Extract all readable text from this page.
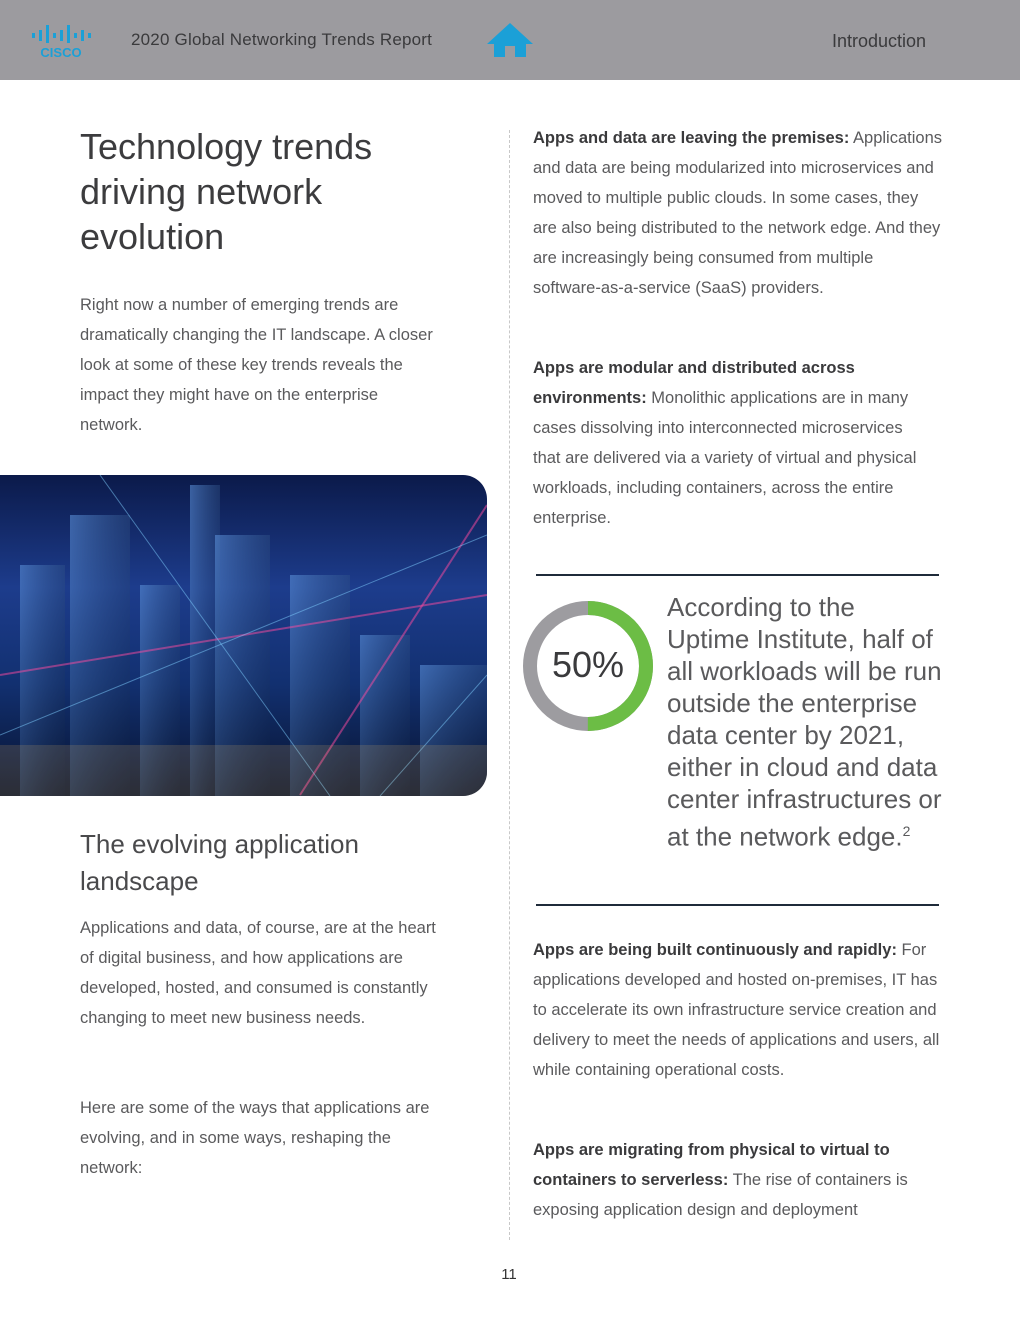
CISCO
2020 Global Networking Trends Report	Introduction
Technology trends driving network evolution
Right now a number of emerging trends are dramatically changing the IT landscape. A closer look at some of these key trends reveals the impact they might have on the enterprise network.
The evolving application landscape
Applications and data, of course, are at the heart of digital business, and how applications are developed, hosted, and consumed is constantly changing to meet new business needs.
Here are some of the ways that applications are evolving, and in some ways, reshaping the network:
Apps and data are leaving the premises: Applications and data are being modularized into microservices and moved to multiple public clouds. In some cases, they are also being distributed to the network edge. And they are increasingly being consumed from multiple software-as-a-service (SaaS) providers.
Apps are modular and distributed across environments: Monolithic applications are in many cases dissolving into interconnected microservices that are delivered via a variety of virtual and physical workloads, including containers, across the entire enterprise.
50%
According to the Uptime Institute, half of all workloads will be run outside the enterprise data center by 2021, either in cloud and data center infrastructures or at the network edge.$^2$
Apps are being built continuously and rapidly: For applications developed and hosted on-premises, IT has to accelerate its own infrastructure service creation and delivery to meet the needs of applications and users, all while containing operational costs.
Apps are migrating from physical to virtual to containers to serverless: The rise of containers is exposing application design and deployment
11
